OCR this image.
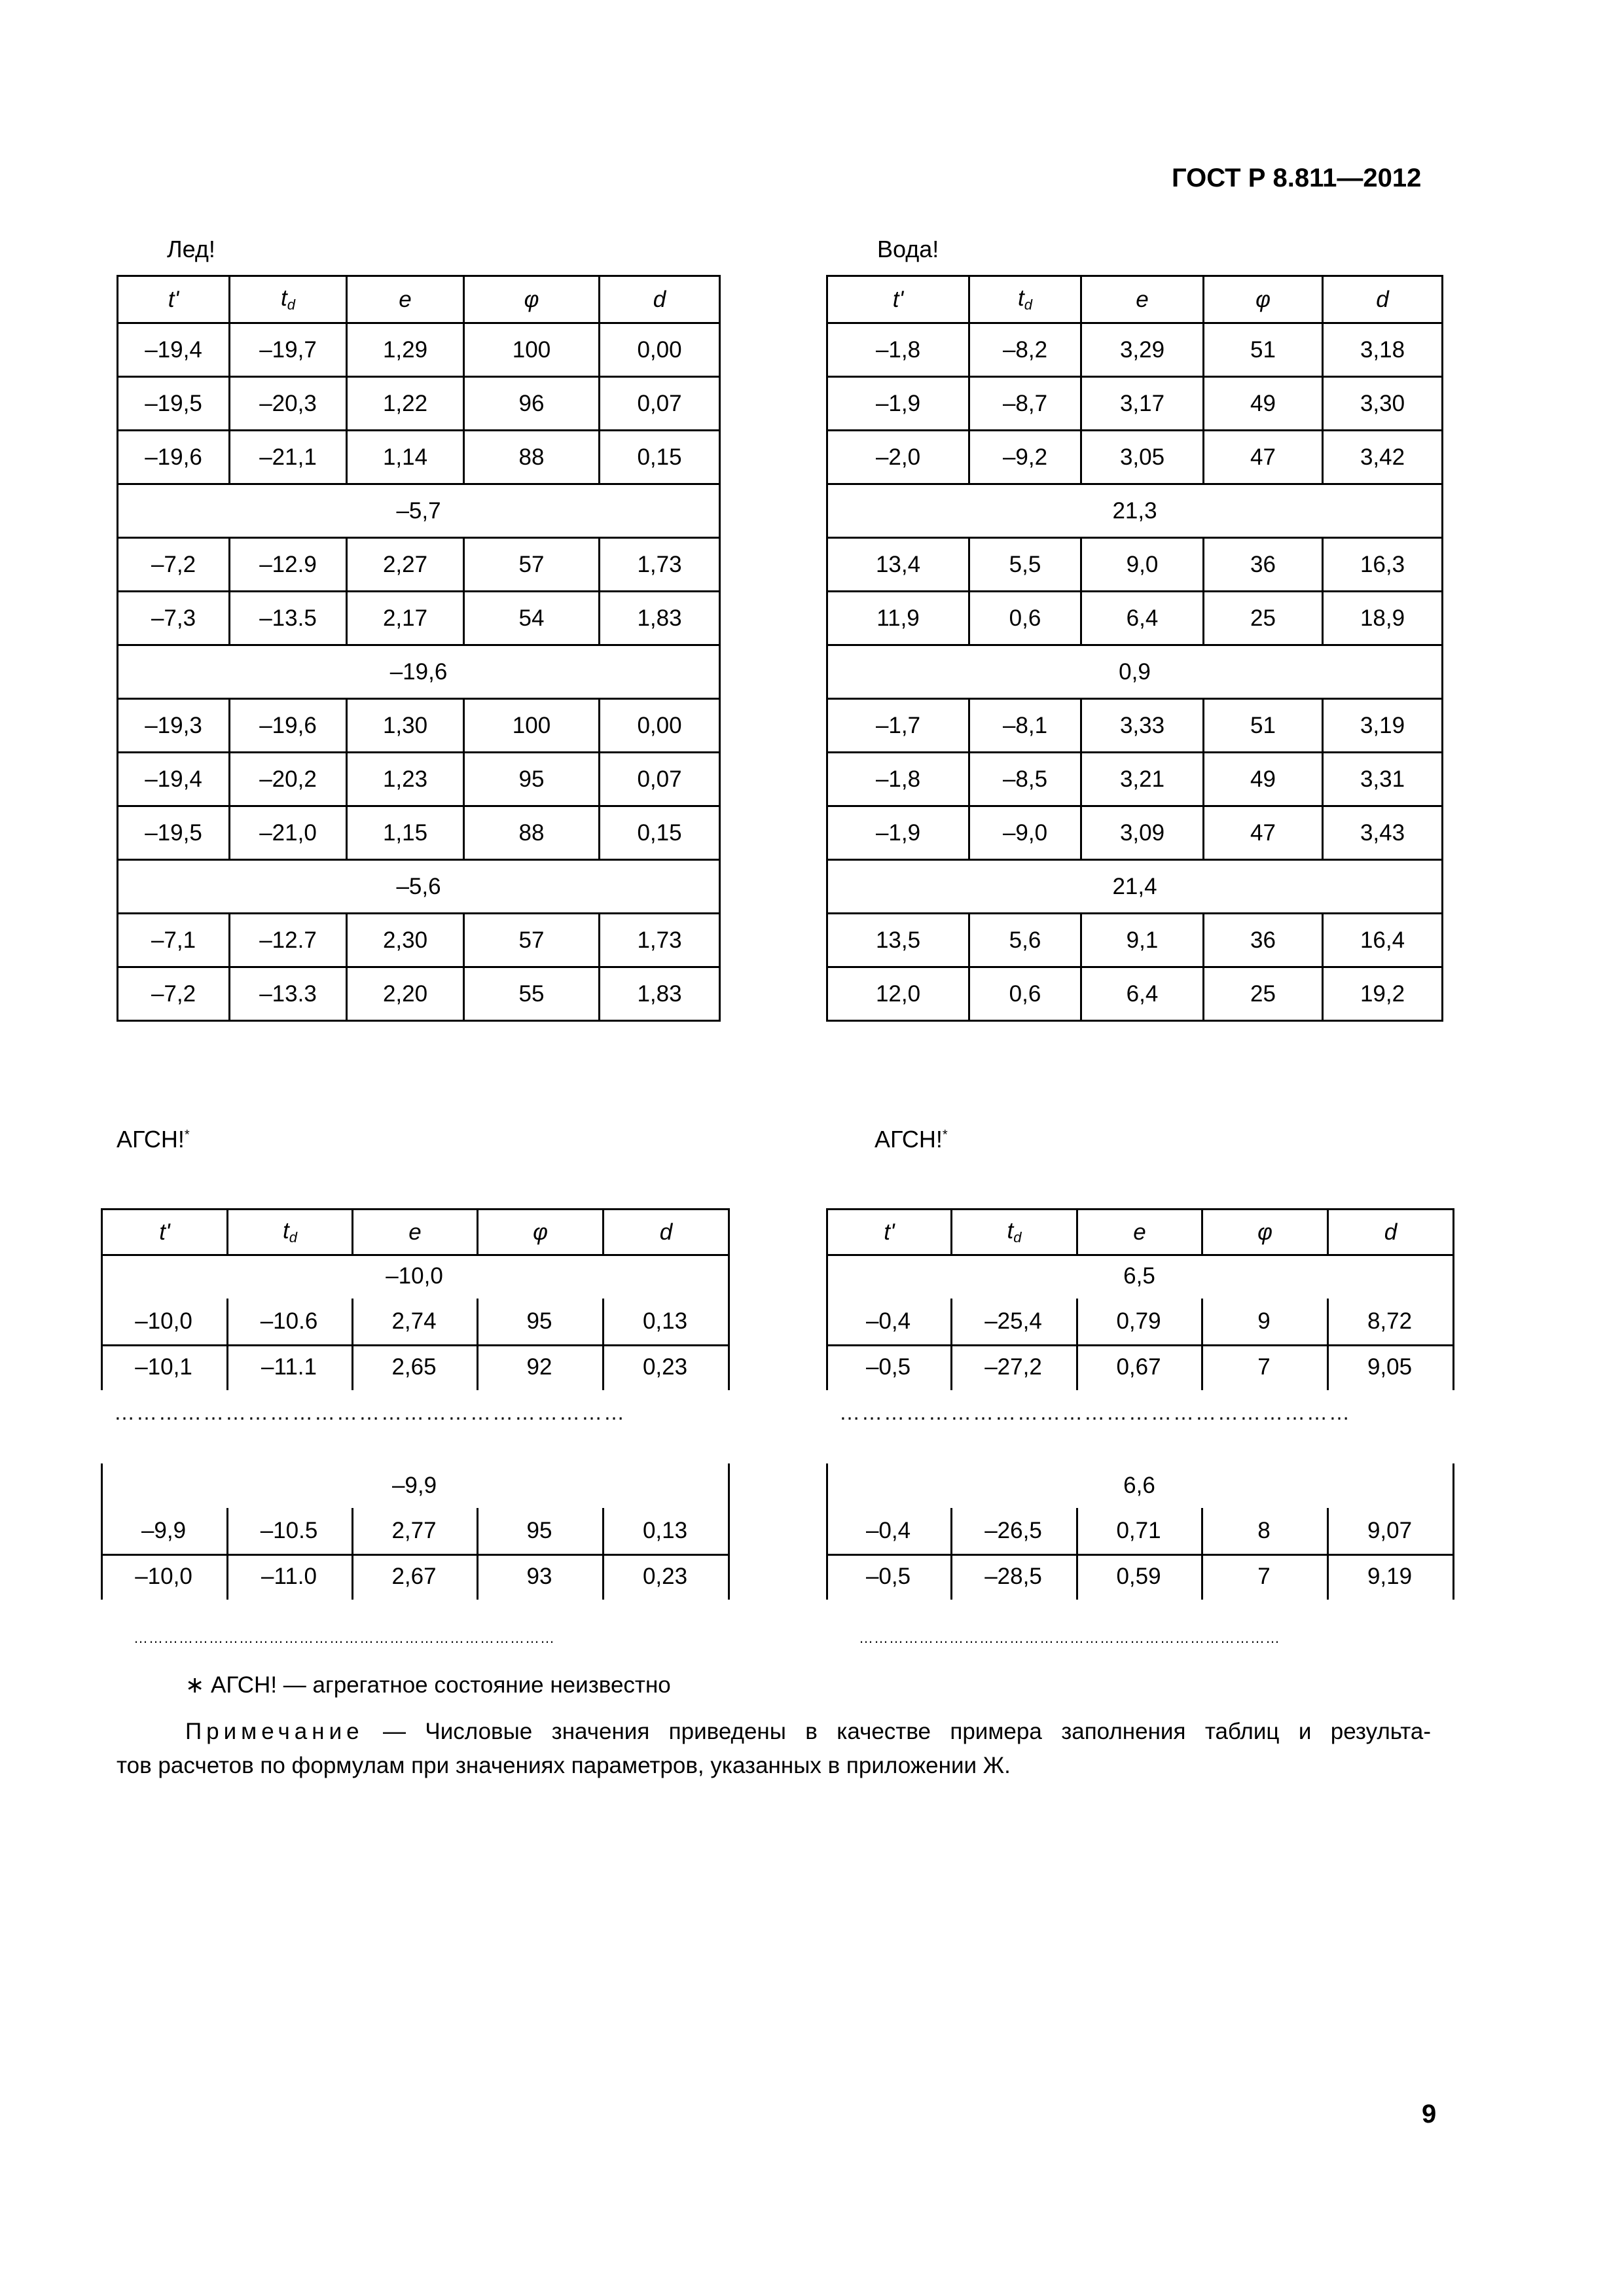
ГОСТ Р 8.811—2012
Лед!
t'	$t_d$	e	φ	d
–19,4	–19,7	1,29	100	0,00
–19,5	–20,3	1,22	96	0,07
–19,6	–21,1	1,14	88	0,15
–5,7				
–7,2	–12.9	2,27	57	1,73
–7,3	–13.5	2,17	54	1,83
–19,6				
–19,3	–19,6	1,30	100	0,00
–19,4	–20,2	1,23	95	0,07
–19,5	–21,0	1,15	88	0,15
–5,6				
–7,1	–12.7	2,30	57	1,73
–7,2	–13.3	2,20	55	1,83
Вода!
t'	$t_d$	e	φ	d
–1,8	–8,2	3,29	51	3,18
–1,9	–8,7	3,17	49	3,30
–2,0	–9,2	3,05	47	3,42
21,3				
13,4	5,5	9,0	36	16,3
11,9	0,6	6,4	25	18,9
0,9				
–1,7	–8,1	3,33	51	3,19
–1,8	–8,5	3,21	49	3,31
–1,9	–9,0	3,09	47	3,43
21,4				
13,5	5,6	9,1	36	16,4
12,0	0,6	6,4	25	19,2
АГСН!*	АГСН!*
∗ АГСН! — агрегатное состояние неизвестно

Примечание — Числовые значения приведены в качестве примера заполнения таблиц и результа-

тов расчетов по формулам при значениях параметров, указанных в приложении Ж.

9
t'	$t_d$	e	φ	d
–10,0
–10,0	–10.6	2,74	95	0,13
–10,1	–11.1	2,65	92	0,23
……………………………………………………………
–9,9
–9,9	–10.5	2,77	95	0,13
–10,0	–11.0	2,67	93	0,23
…………………………………………………………………………
t'	$t_d$	e	φ	d
6,5
–0,4	–25,4	0,79	9	8,72
–0,5	–27,2	0,67	7	9,05
……………………………………………………………
6,6
–0,4	–26,5	0,71	8	9,07
–0,5	–28,5	0,59	7	9,19
…………………………………………………………………………
